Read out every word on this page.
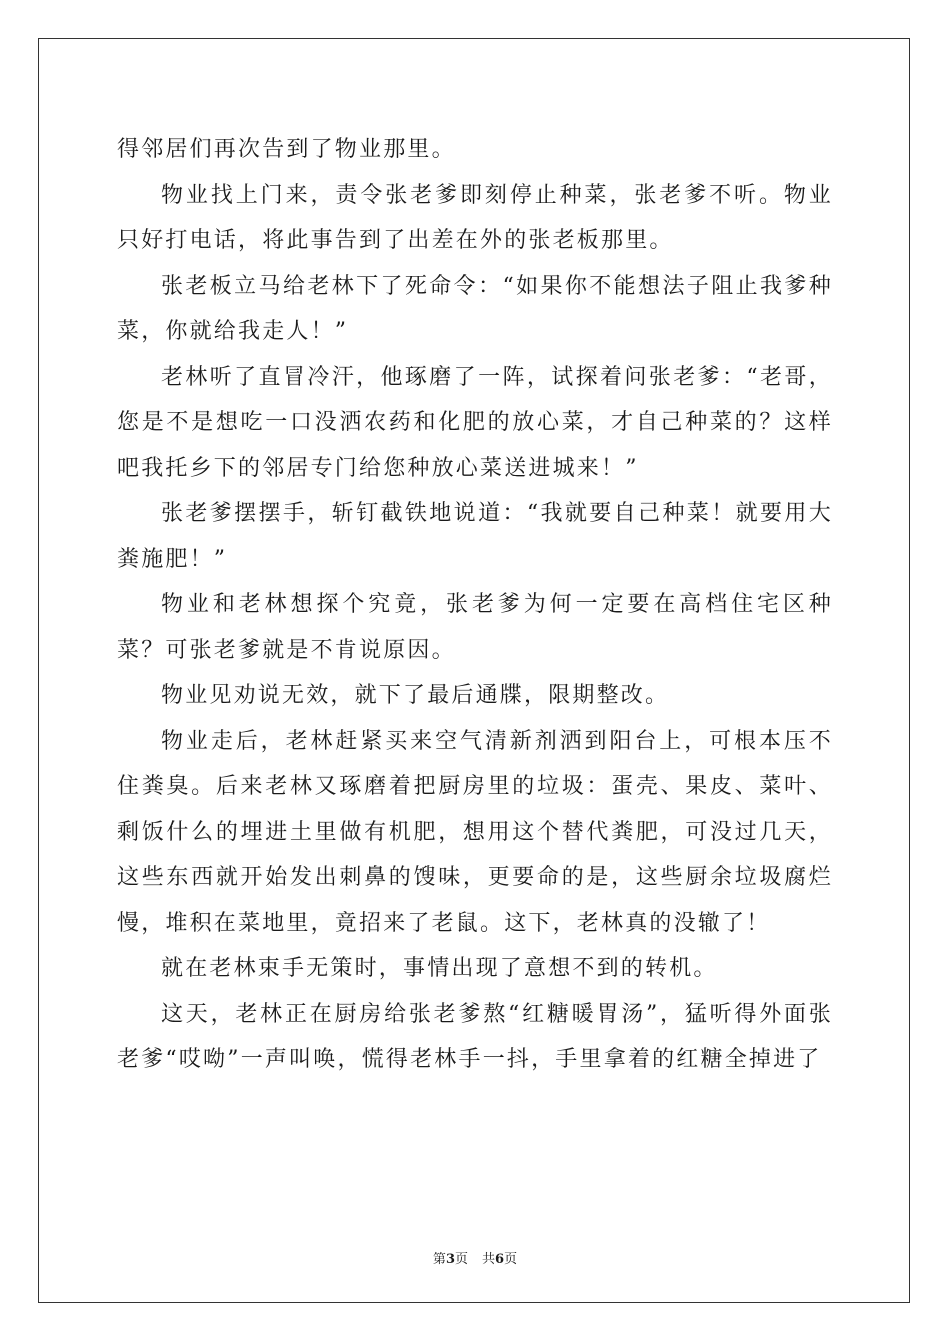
得邻居们再次告到了物业那里。

物业找上门来，责令张老爹即刻停止种菜，张老爹不听。物业只好打电话，将此事告到了出差在外的张老板那里。

张老板立马给老林下了死命令：“如果你不能想法子阻止我爹种菜，你就给我走人！”

老林听了直冒冷汗，他琢磨了一阵，试探着问张老爹：“老哥，您是不是想吃一口没洒农药和化肥的放心菜，才自己种菜的？这样吧我托乡下的邻居专门给您种放心菜送进城来！”

张老爹摆摆手，斩钉截铁地说道：“我就要自己种菜！就要用大粪施肥！”

物业和老林想探个究竟，张老爹为何一定要在高档住宅区种菜？可张老爹就是不肯说原因。

物业见劝说无效，就下了最后通牒，限期整改。

物业走后，老林赶紧买来空气清新剂洒到阳台上，可根本压不住粪臭。后来老林又琢磨着把厨房里的垃圾：蛋壳、果皮、菜叶、剩饭什么的埋进土里做有机肥，想用这个替代粪肥，可没过几天，这些东西就开始发出刺鼻的馊味，更要命的是，这些厨余垃圾腐烂慢，堆积在菜地里，竟招来了老鼠。这下，老林真的没辙了！

就在老林束手无策时，事情出现了意想不到的转机。

这天，老林正在厨房给张老爹熬“红糖暖胃汤”，猛听得外面张老爹“哎呦”一声叫唤，慌得老林手一抖，手里拿着的红糖全掉进了

第3页 共6页
